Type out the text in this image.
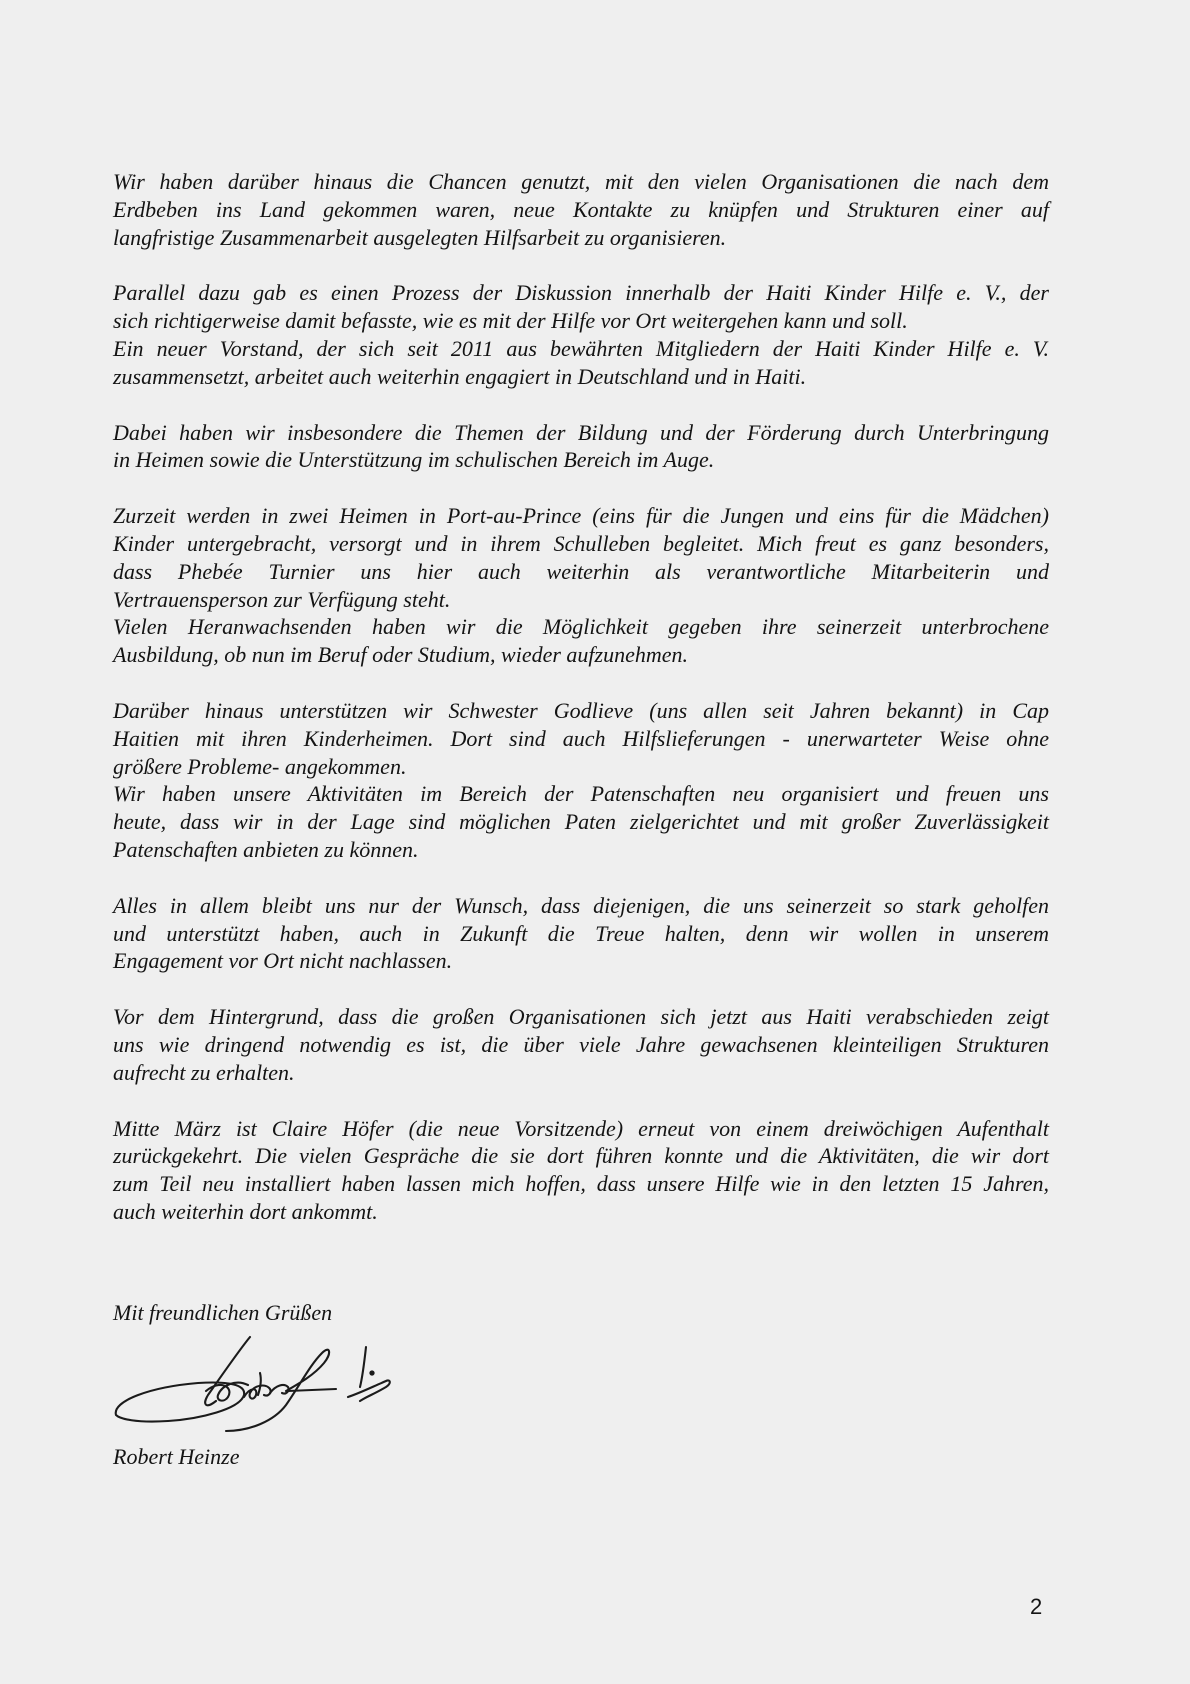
Wir haben darüber hinaus die Chancen genutzt, mit den vielen Organisationen die nach dem
Erdbeben ins Land gekommen waren, neue Kontakte zu knüpfen und Strukturen einer auf
langfristige Zusammenarbeit ausgelegten Hilfsarbeit zu organisieren.

Parallel dazu gab es einen Prozess der Diskussion innerhalb der Haiti Kinder Hilfe e. V., der
sich richtigerweise damit befasste, wie es mit der Hilfe vor Ort weitergehen kann und soll.
Ein neuer Vorstand, der sich seit 2011 aus bewährten Mitgliedern der Haiti Kinder Hilfe e. V.
zusammensetzt, arbeitet auch weiterhin engagiert in Deutschland und in Haiti.

Dabei haben wir insbesondere die Themen der Bildung und der Förderung durch Unterbringung
in Heimen sowie die Unterstützung im schulischen Bereich im Auge.

Zurzeit werden in zwei Heimen in Port-au-Prince (eins für die Jungen und eins für die Mädchen)
Kinder untergebracht, versorgt und in ihrem Schulleben begleitet. Mich freut es ganz besonders,
dass Phebée Turnier uns hier auch weiterhin als verantwortliche Mitarbeiterin und
Vertrauensperson zur Verfügung steht.
Vielen Heranwachsenden haben wir die Möglichkeit gegeben ihre seinerzeit unterbrochene
Ausbildung, ob nun im Beruf oder Studium, wieder aufzunehmen.

Darüber hinaus unterstützen wir Schwester Godlieve (uns allen seit Jahren bekannt) in Cap
Haitien mit ihren Kinderheimen. Dort sind auch Hilfslieferungen - unerwarteter Weise ohne
größere Probleme- angekommen.
Wir haben unsere Aktivitäten im Bereich der Patenschaften neu organisiert und freuen uns
heute, dass wir in der Lage sind möglichen Paten zielgerichtet und mit großer Zuverlässigkeit
Patenschaften anbieten zu können.

Alles in allem bleibt uns nur der Wunsch, dass diejenigen, die uns seinerzeit so stark geholfen
und unterstützt haben, auch in Zukunft die Treue halten, denn wir wollen in unserem
Engagement vor Ort nicht nachlassen.

Vor dem Hintergrund, dass die großen Organisationen sich jetzt aus Haiti verabschieden zeigt
uns wie dringend notwendig es ist, die über viele Jahre gewachsenen kleinteiligen Strukturen
aufrecht zu erhalten.

Mitte März ist Claire Höfer (die neue Vorsitzende) erneut von einem dreiwöchigen Aufenthalt
zurückgekehrt. Die vielen Gespräche die sie dort führen konnte und die Aktivitäten, die wir dort
zum Teil neu installiert haben lassen mich hoffen, dass unsere Hilfe wie in den letzten 15 Jahren,
auch weiterhin dort ankommt.

Mit freundlichen Grüßen

Robert Heinze

2
